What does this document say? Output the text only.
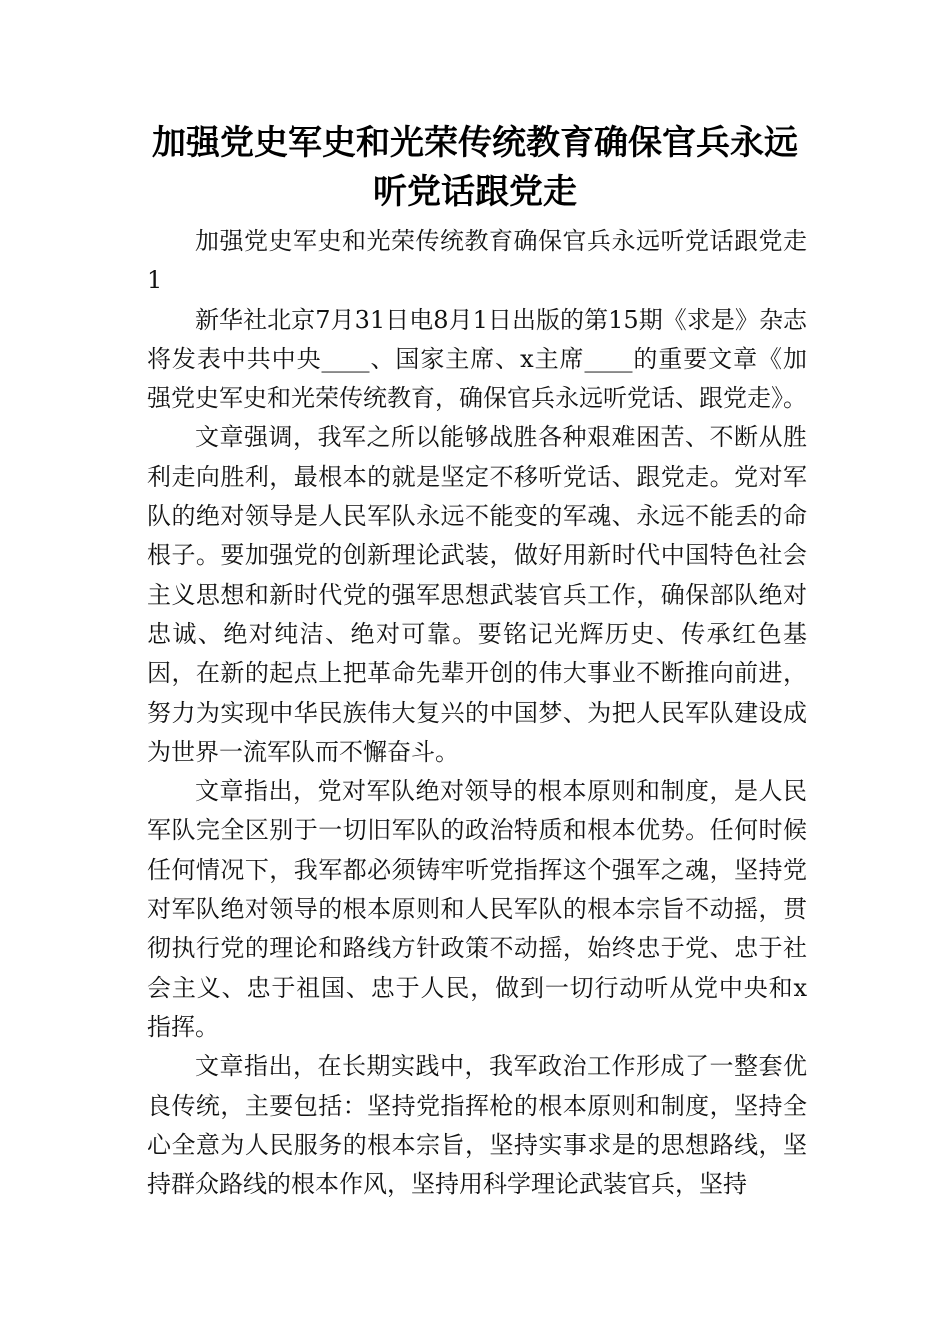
加强党史军史和光荣传统教育确保官兵永远
听党话跟党走

加强党史军史和光荣传统教育确保官兵永远听党话跟党走1

新华社北京7月31日电8月1日出版的第15期《求是》杂志将发表中共中央____、国家主席、x主席____的重要文章《加强党史军史和光荣传统教育，确保官兵永远听党话、跟党走》。

文章强调，我军之所以能够战胜各种艰难困苦、不断从胜利走向胜利，最根本的就是坚定不移听党话、跟党走。党对军队的绝对领导是人民军队永远不能变的军魂、永远不能丢的命根子。要加强党的创新理论武装，做好用新时代中国特色社会主义思想和新时代党的强军思想武装官兵工作，确保部队绝对忠诚、绝对纯洁、绝对可靠。要铭记光辉历史、传承红色基因，在新的起点上把革命先辈开创的伟大事业不断推向前进，努力为实现中华民族伟大复兴的中国梦、为把人民军队建设成为世界一流军队而不懈奋斗。

文章指出，党对军队绝对领导的根本原则和制度，是人民军队完全区别于一切旧军队的政治特质和根本优势。任何时候任何情况下，我军都必须铸牢听党指挥这个强军之魂，坚持党对军队绝对领导的根本原则和人民军队的根本宗旨不动摇，贯彻执行党的理论和路线方针政策不动摇，始终忠于党、忠于社会主义、忠于祖国、忠于人民，做到一切行动听从党中央和x指挥。

文章指出，在长期实践中，我军政治工作形成了一整套优良传统，主要包括：坚持党指挥枪的根本原则和制度，坚持全心全意为人民服务的根本宗旨，坚持实事求是的思想路线，坚持群众路线的根本作风，坚持用科学理论武装官兵，坚持
